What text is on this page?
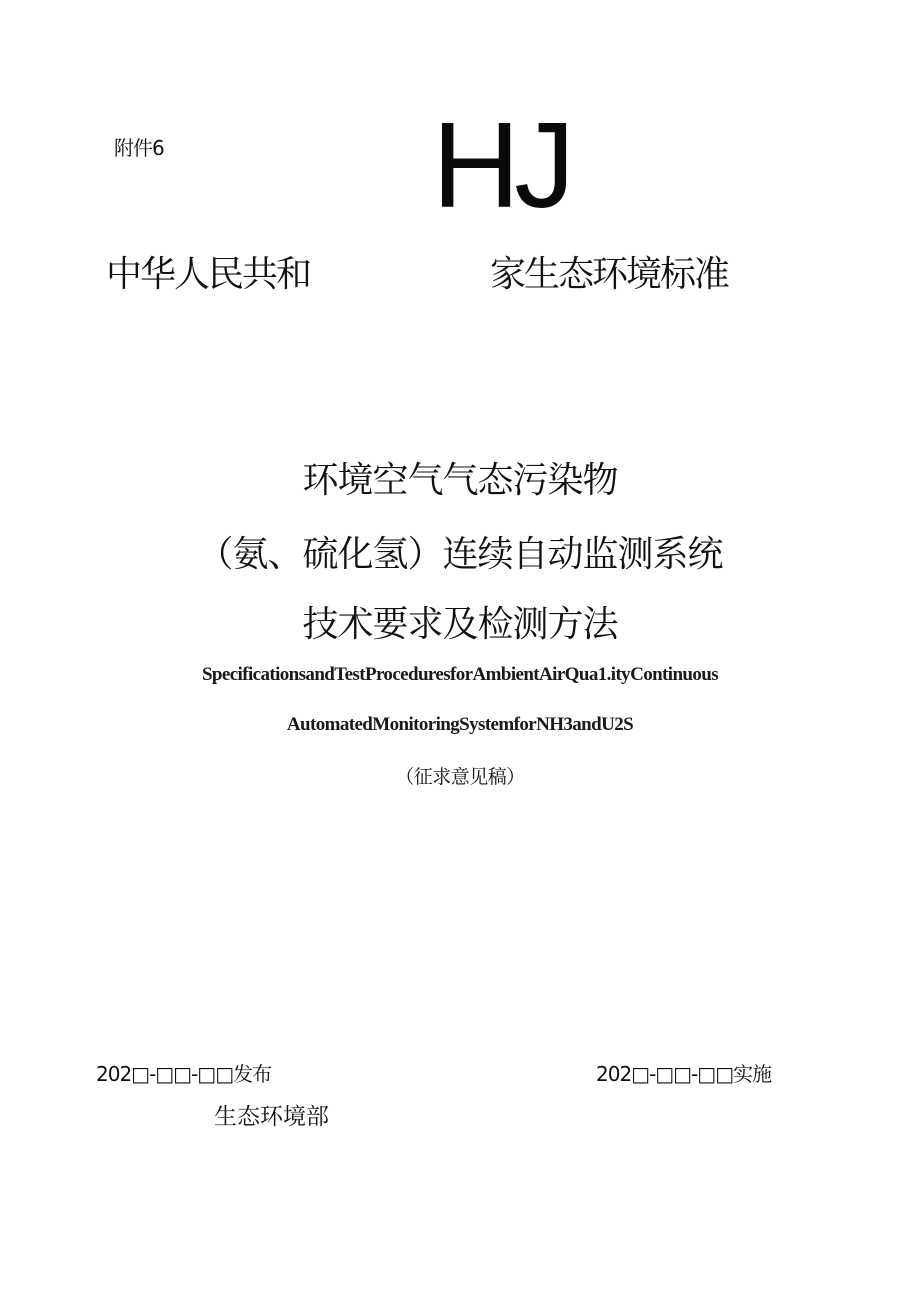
附件6 HJ
中华人民共和	家生态环境标准
环境空气气态污染物
（氨、硫化氢）连续自动监测系统
技术要求及检测方法
SpecificationsandTestProceduresforAmbientAirQua1.ityContinuous
AutomatedMonitoringSystemforNH3andU2S
（征求意见稿）
202□-□□-□□发布	202□-□□-□□实施
生态环境部
